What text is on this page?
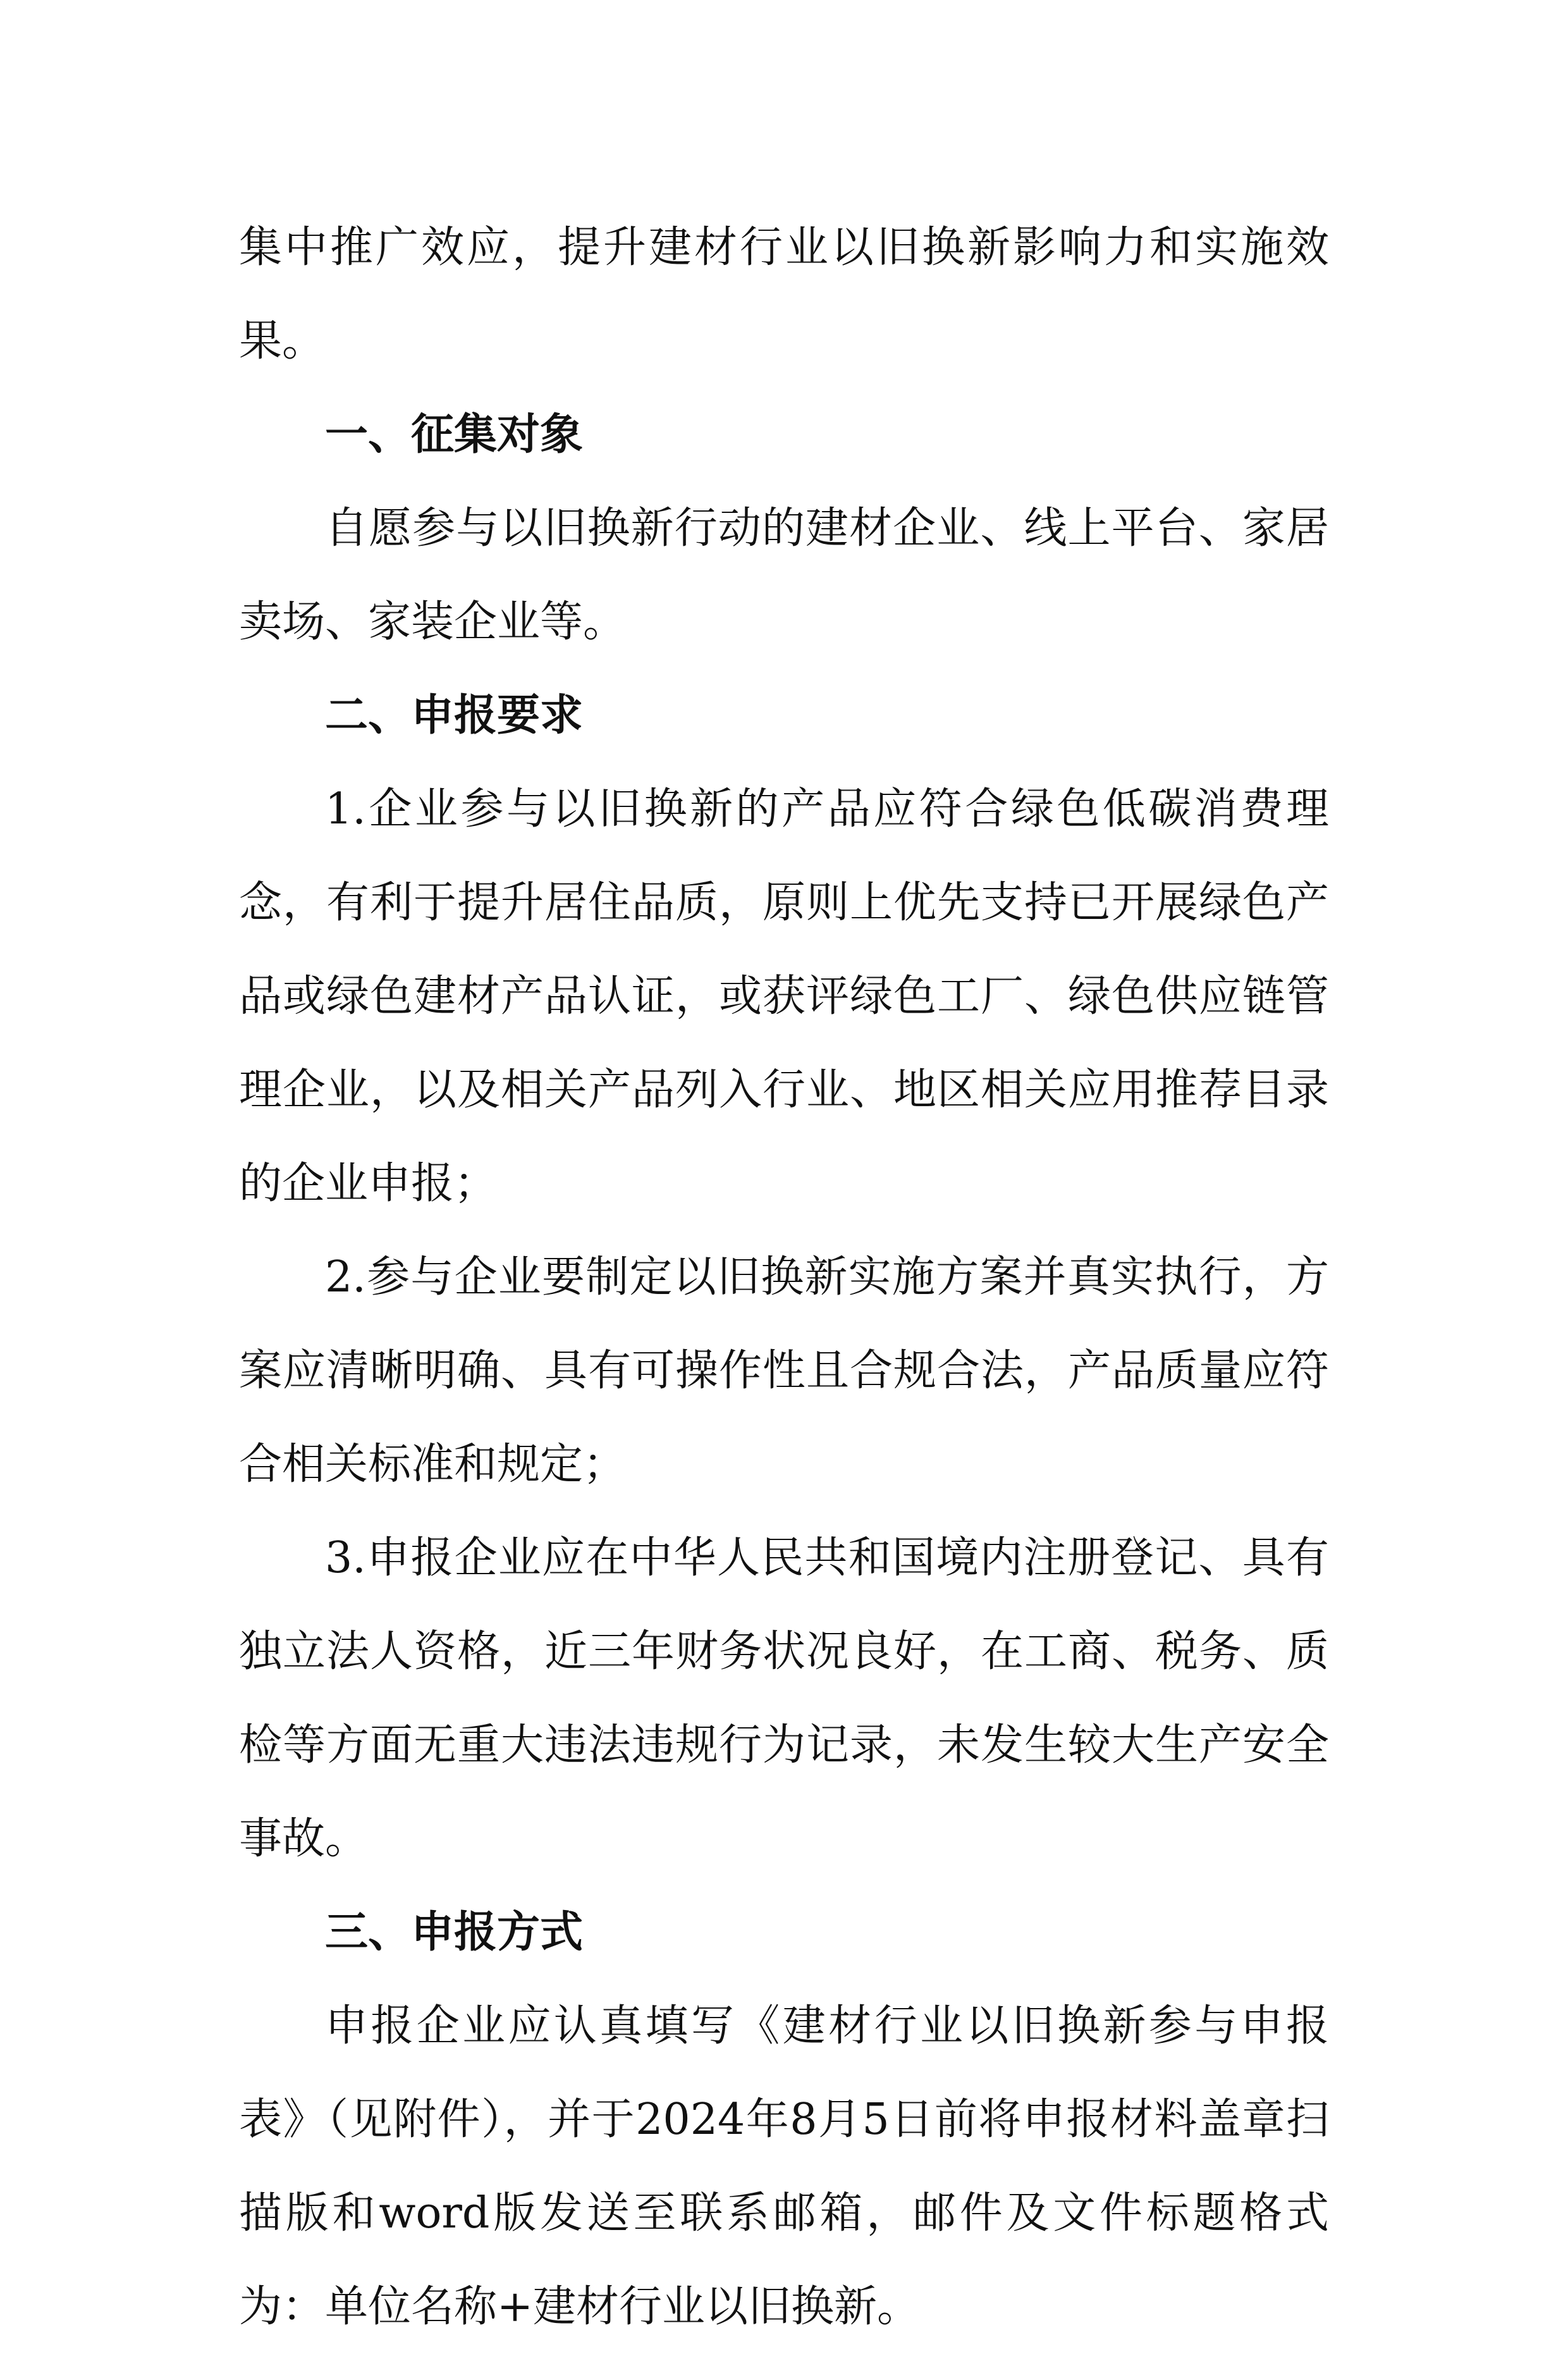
集中推广效应，提升建材行业以旧换新影响力和实施效果。

一、征集对象

自愿参与以旧换新行动的建材企业、线上平台、家居卖场、家装企业等。

二、申报要求

1.企业参与以旧换新的产品应符合绿色低碳消费理念，有利于提升居住品质，原则上优先支持已开展绿色产品或绿色建材产品认证，或获评绿色工厂、绿色供应链管理企业，以及相关产品列入行业、地区相关应用推荐目录的企业申报；

2.参与企业要制定以旧换新实施方案并真实执行，方案应清晰明确、具有可操作性且合规合法，产品质量应符合相关标准和规定；

3.申报企业应在中华人民共和国境内注册登记、具有独立法人资格，近三年财务状况良好，在工商、税务、质检等方面无重大违法违规行为记录，未发生较大生产安全事故。

三、申报方式

申报企业应认真填写《建材行业以旧换新参与申报表》（见附件），并于2024年8月5日前将申报材料盖章扫描版和word版发送至联系邮箱，邮件及文件标题格式为：单位名称+建材行业以旧换新。
